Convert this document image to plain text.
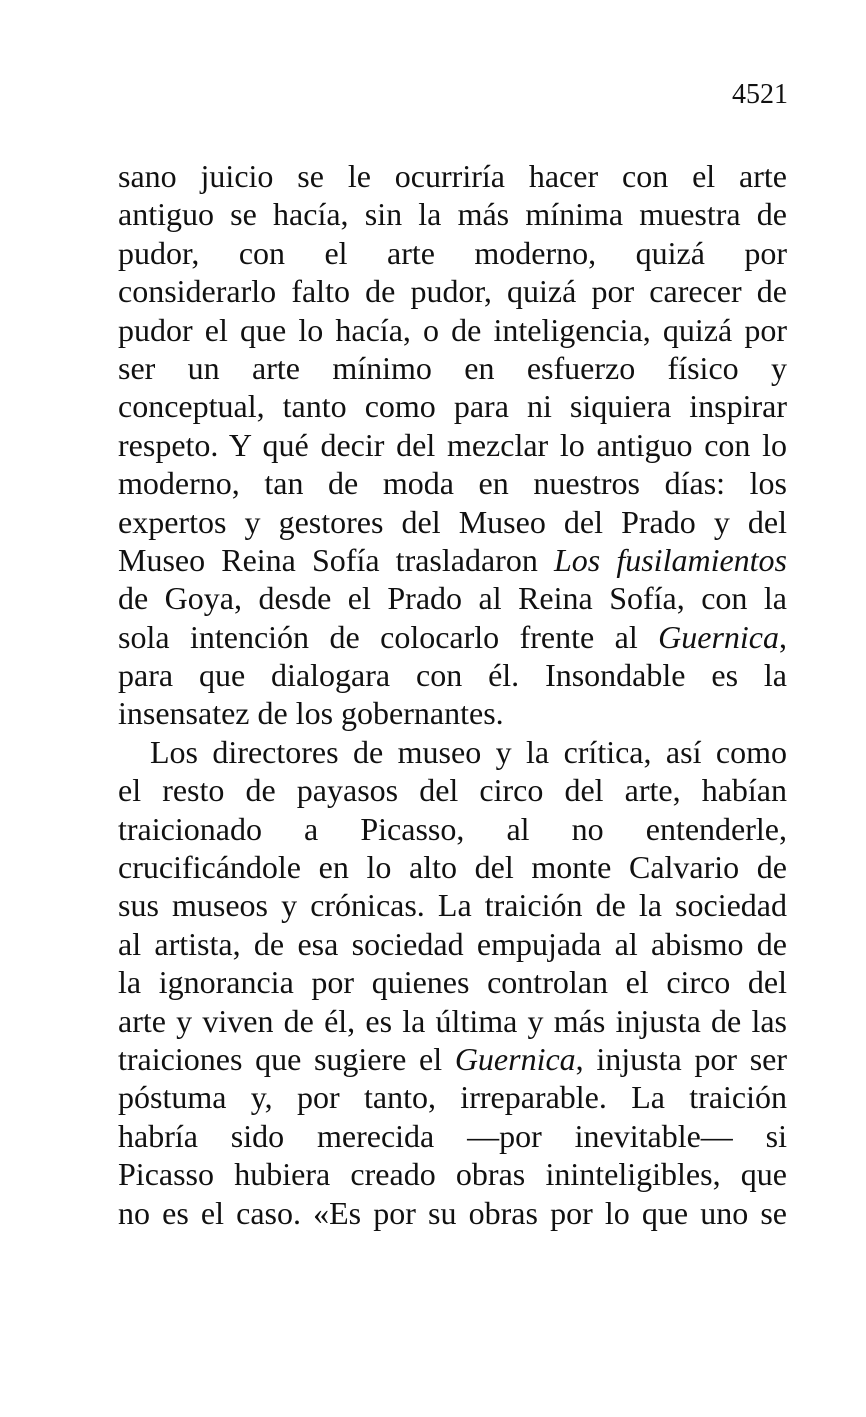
4521
sano juicio se le ocurriría hacer con el arte
antiguo se hacía, sin la más mínima muestra de
pudor, con el arte moderno, quizá por
considerarlo falto de pudor, quizá por carecer de
pudor el que lo hacía, o de inteligencia, quizá por
ser un arte mínimo en esfuerzo físico y
conceptual, tanto como para ni siquiera inspirar
respeto. Y qué decir del mezclar lo antiguo con lo
moderno, tan de moda en nuestros días: los
expertos y gestores del Museo del Prado y del
Museo Reina Sofía trasladaron Los fusilamientos
de Goya, desde el Prado al Reina Sofía, con la
sola intención de colocarlo frente al Guernica,
para que dialogara con él. Insondable es la
insensatez de los gobernantes.
Los directores de museo y la crítica, así como
el resto de payasos del circo del arte, habían
traicionado a Picasso, al no entenderle,
crucificándole en lo alto del monte Calvario de
sus museos y crónicas. La traición de la sociedad
al artista, de esa sociedad empujada al abismo de
la ignorancia por quienes controlan el circo del
arte y viven de él, es la última y más injusta de las
traiciones que sugiere el Guernica, injusta por ser
póstuma y, por tanto, irreparable. La traición
habría sido merecida —por inevitable— si
Picasso hubiera creado obras ininteligibles, que
no es el caso. «Es por su obras por lo que uno se
